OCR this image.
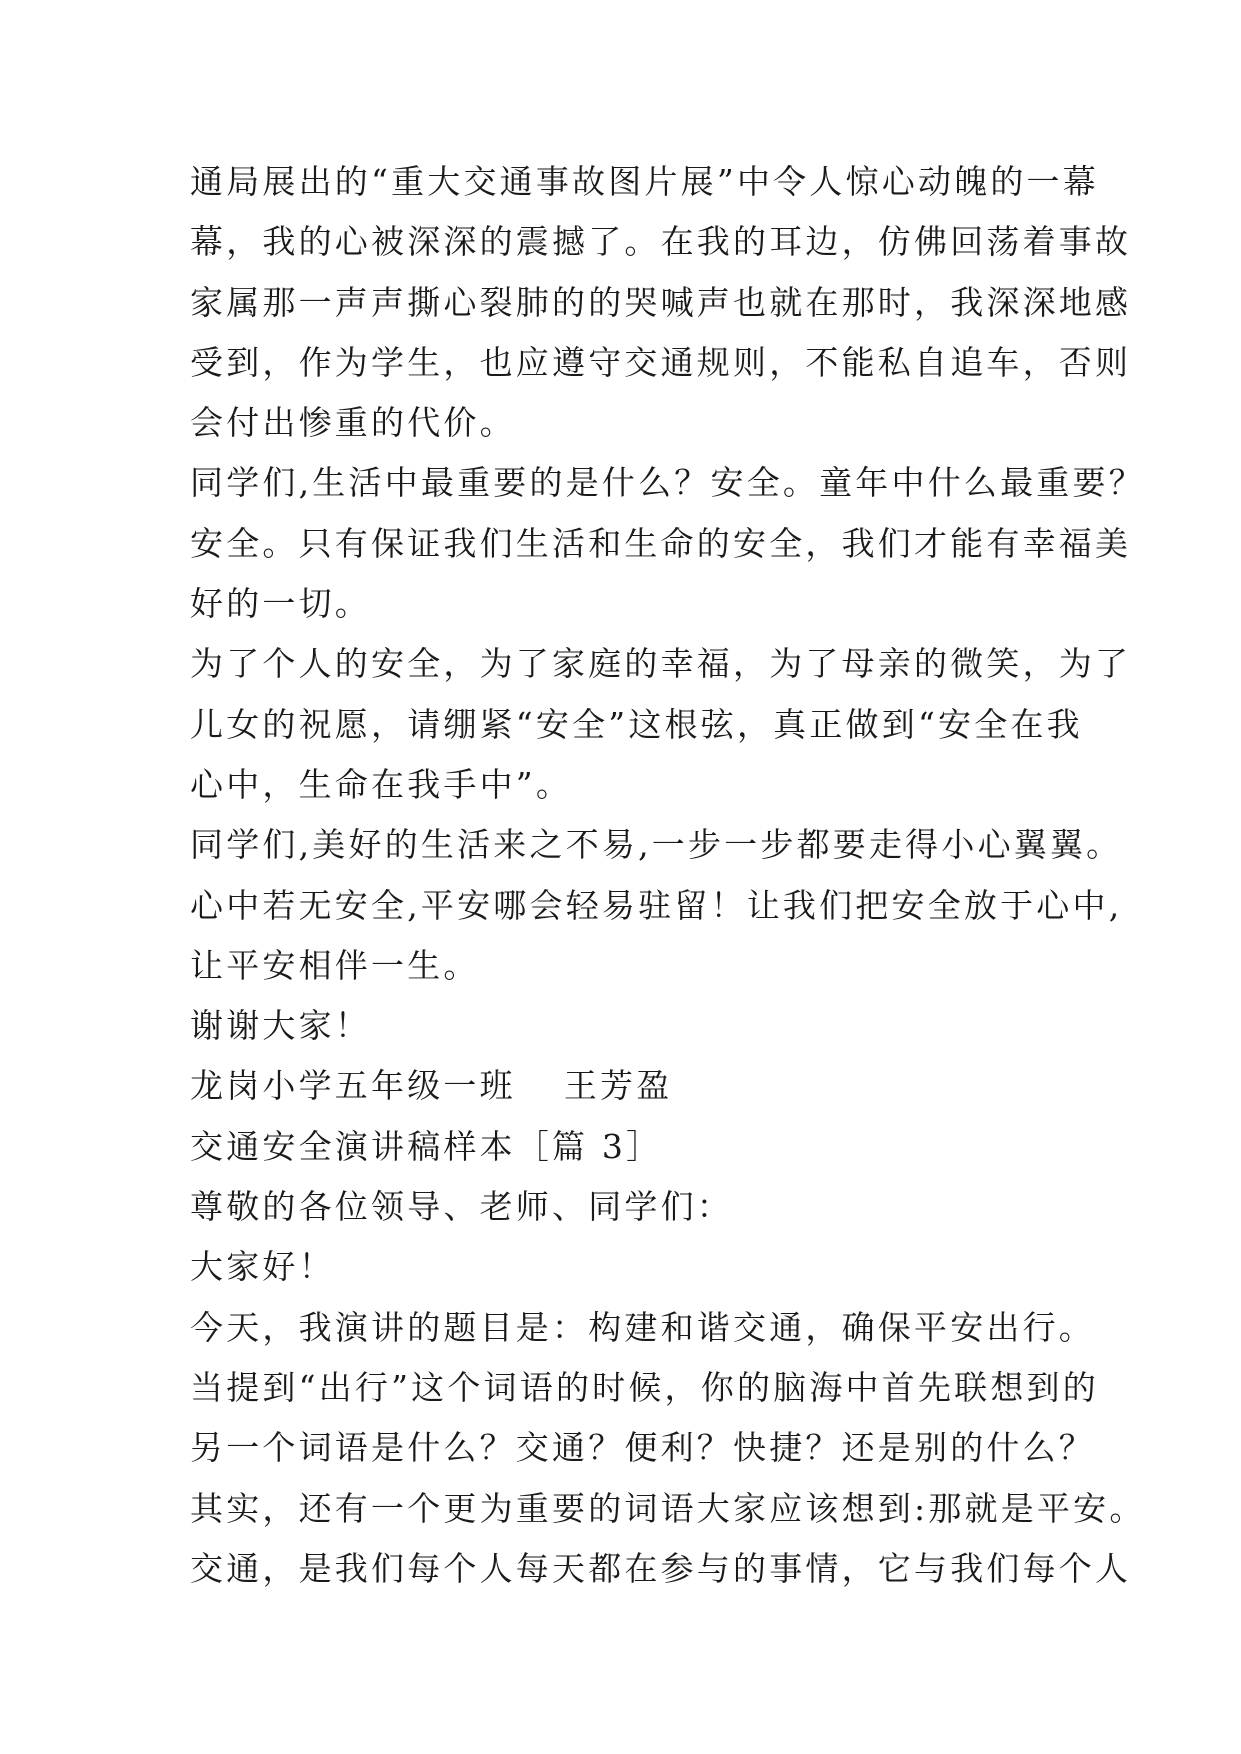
通局展出的“重大交通事故图片展”中令人惊心动魄的一幕
幕，我的心被深深的震撼了。在我的耳边，仿佛回荡着事故
家属那一声声撕心裂肺的的哭喊声也就在那时，我深深地感
受到，作为学生，也应遵守交通规则，不能私自追车，否则
会付出惨重的代价。
同学们,生活中最重要的是什么？安全。童年中什么最重要？
安全。只有保证我们生活和生命的安全，我们才能有幸福美
好的一切。
为了个人的安全，为了家庭的幸福，为了母亲的微笑，为了
儿女的祝愿，请绷紧“安全”这根弦，真正做到“安全在我
心中，生命在我手中”。
同学们,美好的生活来之不易,一步一步都要走得小心翼翼。
心中若无安全,平安哪会轻易驻留！让我们把安全放于心中,
让平安相伴一生。
谢谢大家！
龙岗小学五年级一班 王芳盈
交通安全演讲稿样本［篇 3］
尊敬的各位领导、老师、同学们：
大家好！
今天，我演讲的题目是：构建和谐交通，确保平安出行。
当提到“出行”这个词语的时候，你的脑海中首先联想到的
另一个词语是什么？交通？便利？快捷？还是别的什么？
其实，还有一个更为重要的词语大家应该想到:那就是平安。
交通，是我们每个人每天都在参与的事情，它与我们每个人
